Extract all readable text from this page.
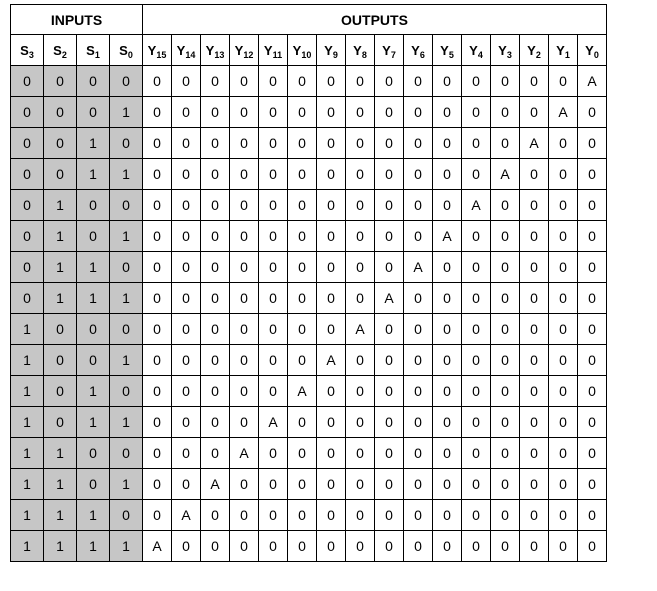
INPUTS				OUTPUTS															
$S_3$	$S_2$	$S_1$	$S_0$	$Y_{15}$	$Y_{14}$	$Y_{13}$	$Y_{12}$	$Y_{11}$	$Y_{10}$	$Y_9$	$Y_8$	$Y_7$	$Y_6$	$Y_5$	$Y_4$	$Y_3$	$Y_2$	$Y_1$	$Y_0$
0	0	0	0	0	0	0	0	0	0	0	0	0	0	0	0	0	0	0	A
0	0	0	1	0	0	0	0	0	0	0	0	0	0	0	0	0	0	A	0
0	0	1	0	0	0	0	0	0	0	0	0	0	0	0	0	0	A	0	0
0	0	1	1	0	0	0	0	0	0	0	0	0	0	0	0	A	0	0	0
0	1	0	0	0	0	0	0	0	0	0	0	0	0	0	A	0	0	0	0
0	1	0	1	0	0	0	0	0	0	0	0	0	0	A	0	0	0	0	0
0	1	1	0	0	0	0	0	0	0	0	0	0	A	0	0	0	0	0	0
0	1	1	1	0	0	0	0	0	0	0	0	A	0	0	0	0	0	0	0
1	0	0	0	0	0	0	0	0	0	0	A	0	0	0	0	0	0	0	0
1	0	0	1	0	0	0	0	0	0	A	0	0	0	0	0	0	0	0	0
1	0	1	0	0	0	0	0	0	A	0	0	0	0	0	0	0	0	0	0
1	0	1	1	0	0	0	0	A	0	0	0	0	0	0	0	0	0	0	0
1	1	0	0	0	0	0	A	0	0	0	0	0	0	0	0	0	0	0	0
1	1	0	1	0	0	A	0	0	0	0	0	0	0	0	0	0	0	0	0
1	1	1	0	0	A	0	0	0	0	0	0	0	0	0	0	0	0	0	0
1	1	1	1	A	0	0	0	0	0	0	0	0	0	0	0	0	0	0	0
